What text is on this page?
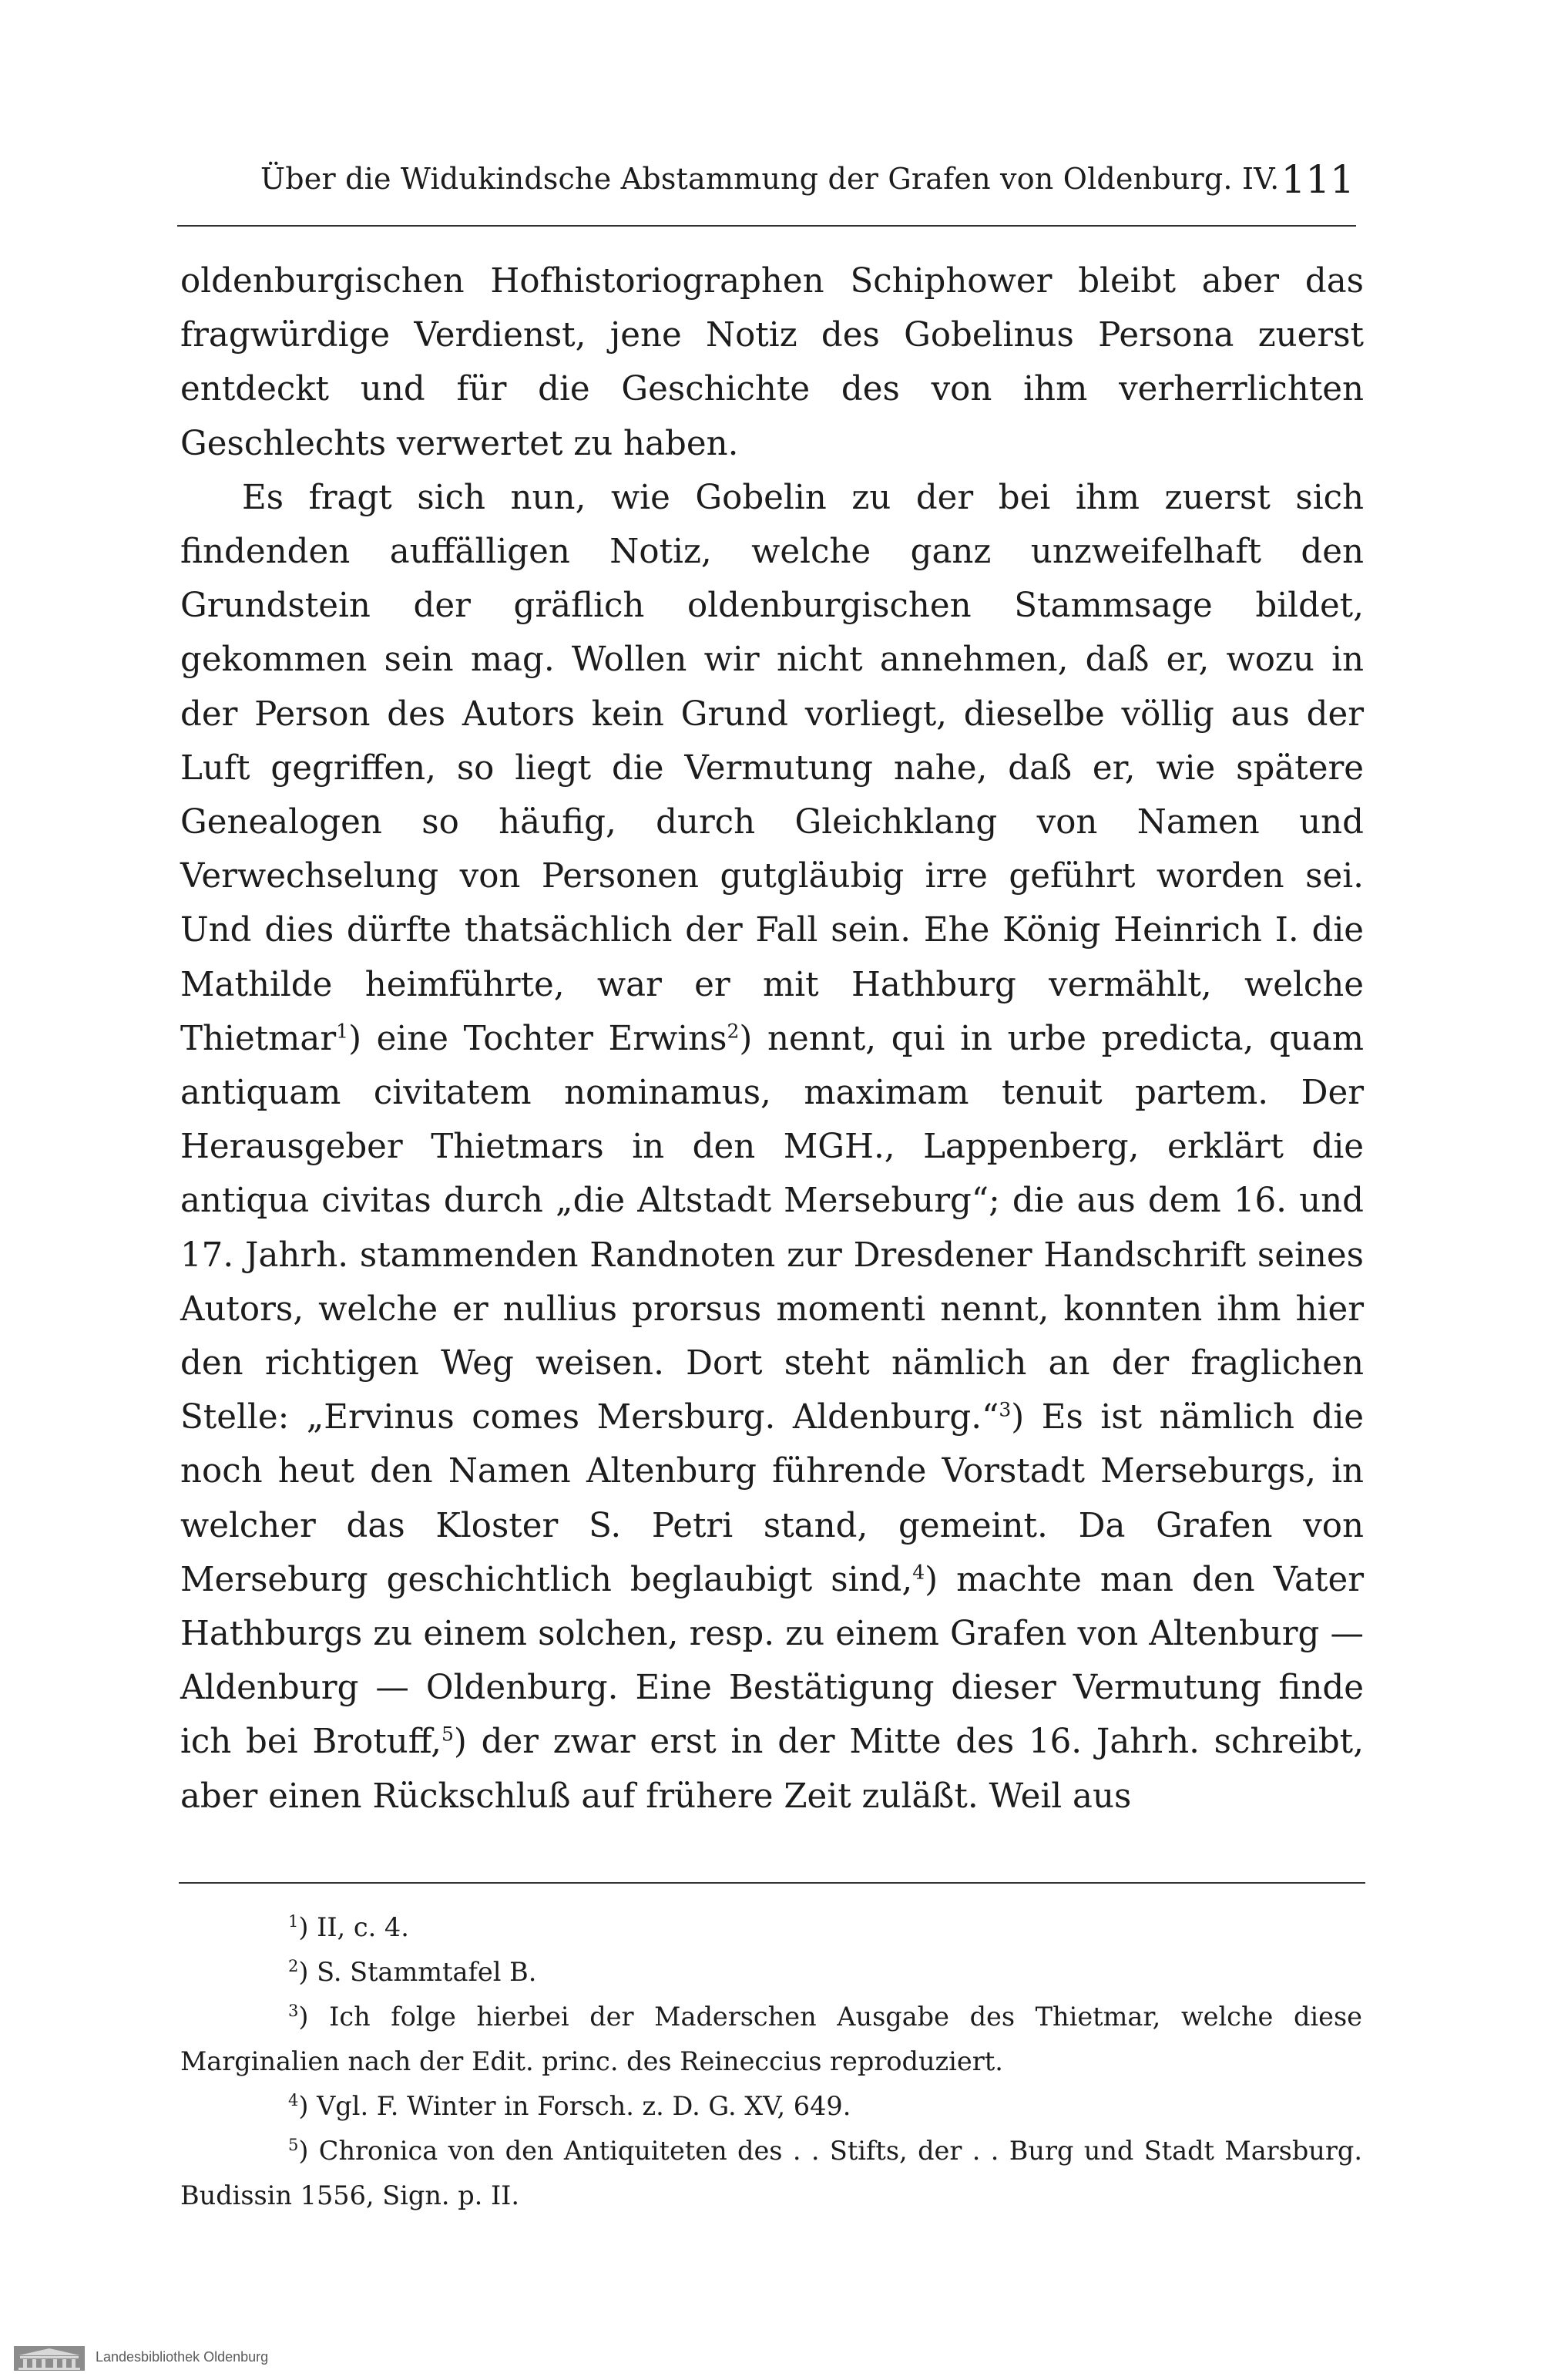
Über die Widukindsche Abstammung der Grafen von Oldenburg. IV. 111

oldenburgischen Hofhistoriographen Schiphower bleibt aber das fragwürdige Verdienst, jene Notiz des Gobelinus Persona zuerst entdeckt und für die Geschichte des von ihm verherrlichten Geschlechts verwertet zu haben.

Es fragt sich nun, wie Gobelin zu der bei ihm zuerst sich findenden auffälligen Notiz, welche ganz unzweifelhaft den Grundstein der gräflich oldenburgischen Stammsage bildet, gekommen sein mag. Wollen wir nicht annehmen, daß er, wozu in der Person des Autors kein Grund vorliegt, dieselbe völlig aus der Luft gegriffen, so liegt die Vermutung nahe, daß er, wie spätere Genealogen so häufig, durch Gleichklang von Namen und Verwechselung von Personen gutgläubig irre geführt worden sei. Und dies dürfte thatsächlich der Fall sein. Ehe König Heinrich I. die Mathilde heimführte, war er mit Hathburg vermählt, welche Thietmar$^1$) eine Tochter Erwins$^2$) nennt, qui in urbe predicta, quam antiquam civitatem nominamus, maximam tenuit partem. Der Herausgeber Thietmars in den MGH., Lappenberg, erklärt die antiqua civitas durch „die Altstadt Merseburg“; die aus dem 16. und 17. Jahrh. stammenden Randnoten zur Dresdener Handschrift seines Autors, welche er nullius prorsus momenti nennt, konnten ihm hier den richtigen Weg weisen. Dort steht nämlich an der fraglichen Stelle: „Ervinus comes Mersburg. Aldenburg.“$^3$) Es ist nämlich die noch heut den Namen Altenburg führende Vorstadt Merseburgs, in welcher das Kloster S. Petri stand, gemeint. Da Grafen von Merseburg geschichtlich beglaubigt sind,$^4$) machte man den Vater Hathburgs zu einem solchen, resp. zu einem Grafen von Altenburg — Aldenburg — Oldenburg. Eine Bestätigung dieser Vermutung finde ich bei Brotuff,$^5$) der zwar erst in der Mitte des 16. Jahrh. schreibt, aber einen Rückschluß auf frühere Zeit zuläßt. Weil aus

$^1$) II, c. 4.

$^2$) S. Stammtafel B.

$^3$) Ich folge hierbei der Maderschen Ausgabe des Thietmar, welche diese Marginalien nach der Edit. princ. des Reineccius reproduziert.

$^4$) Vgl. F. Winter in Forsch. z. D. G. XV, 649.

$^5$) Chronica von den Antiquiteten des . . Stifts, der . . Burg und Stadt Marsburg. Budissin 1556, Sign. p. II.

Landesbibliothek Oldenburg
